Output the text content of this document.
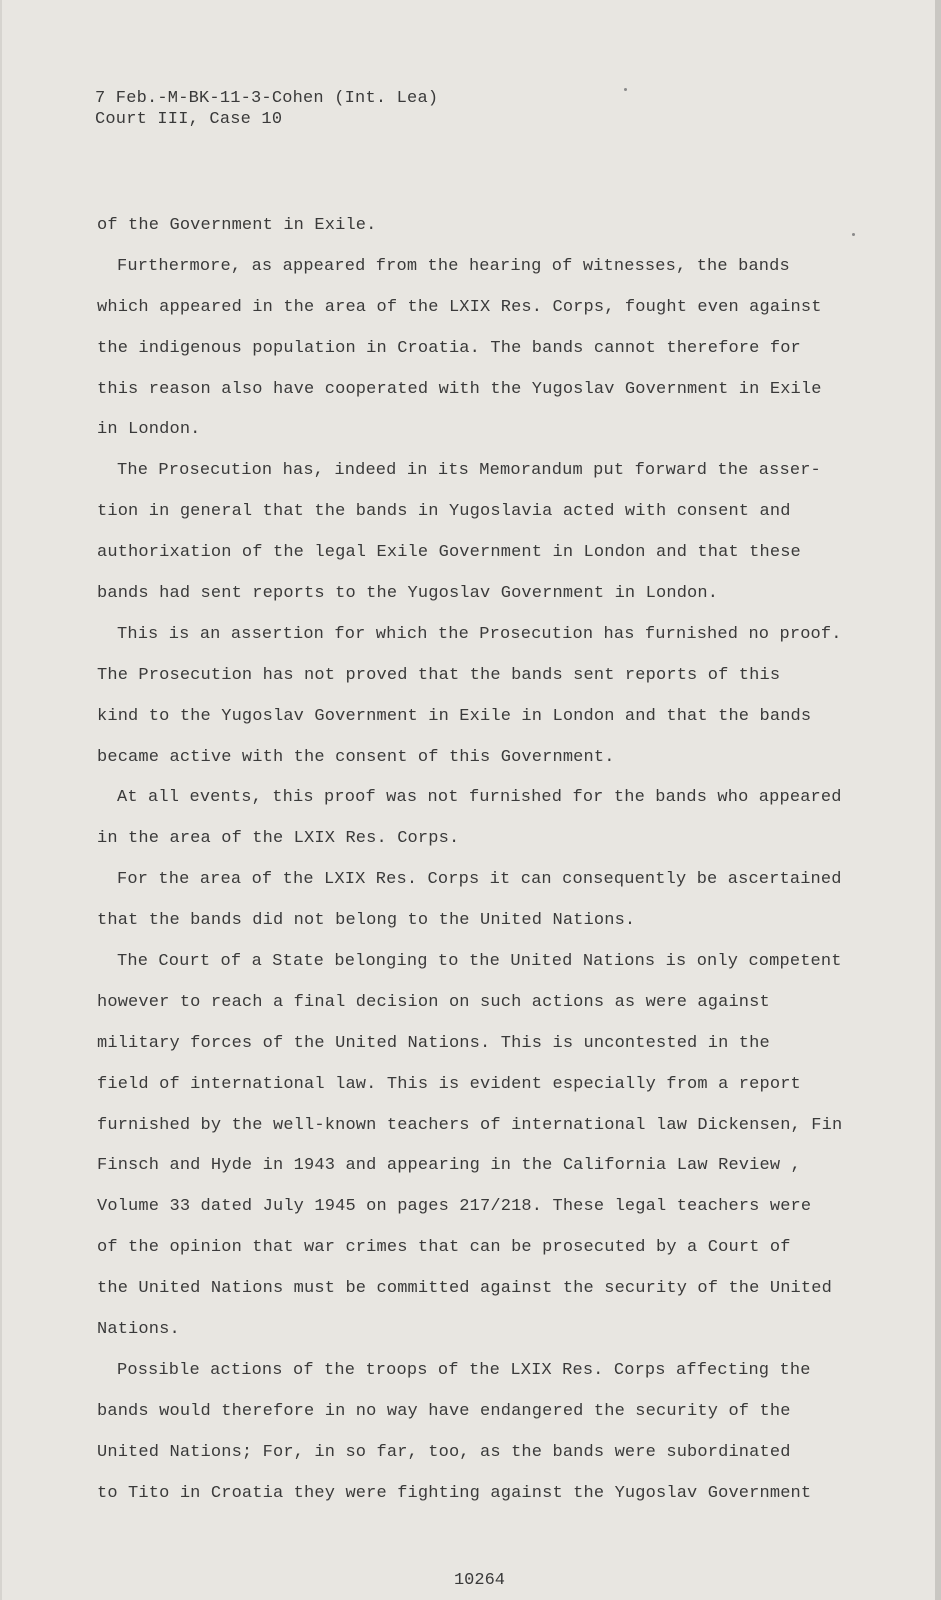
7 Feb.-M-BK-11-3-Cohen (Int. Lea)
Court III, Case 10
of the Government in Exile.
Furthermore, as appeared from the hearing of witnesses, the bands
which appeared in the area of the LXIX Res. Corps, fought even against
the indigenous population in Croatia. The bands cannot therefore for
this reason also have cooperated with the Yugoslav Government in Exile
in London.
The Prosecution has, indeed in its Memorandum put forward the asser-
tion in general that the bands in Yugoslavia acted with consent and
authorixation of the legal Exile Government in London and that these
bands had sent reports to the Yugoslav Government in London.
This is an assertion for which the Prosecution has furnished no proof.
The Prosecution has not proved that the bands sent reports of this
kind to the Yugoslav Government in Exile in London and that the bands
became active with the consent of this Government.
At all events, this proof was not furnished for the bands who appeared
in the area of the LXIX Res. Corps.
For the area of the LXIX Res. Corps it can consequently be ascertained
that the bands did not belong to the United Nations.
The Court of a State belonging to the United Nations is only competent
however to reach a final decision on such actions as were against
military forces of the United Nations. This is uncontested in the
field of international law. This is evident especially from a report
furnished by the well-known teachers of international law Dickensen, Fin
Finsch and Hyde in 1943 and appearing in the California Law Review ,
Volume 33 dated July 1945 on pages 217/218. These legal teachers were
of the opinion that war crimes that can be prosecuted by a Court of
the United Nations must be committed against the security of the United
Nations.
Possible actions of the troops of the LXIX Res. Corps affecting the
bands would therefore in no way have endangered the security of the
United Nations; For, in so far, too, as the bands were subordinated
to Tito in Croatia they were fighting against the Yugoslav Government
10264
